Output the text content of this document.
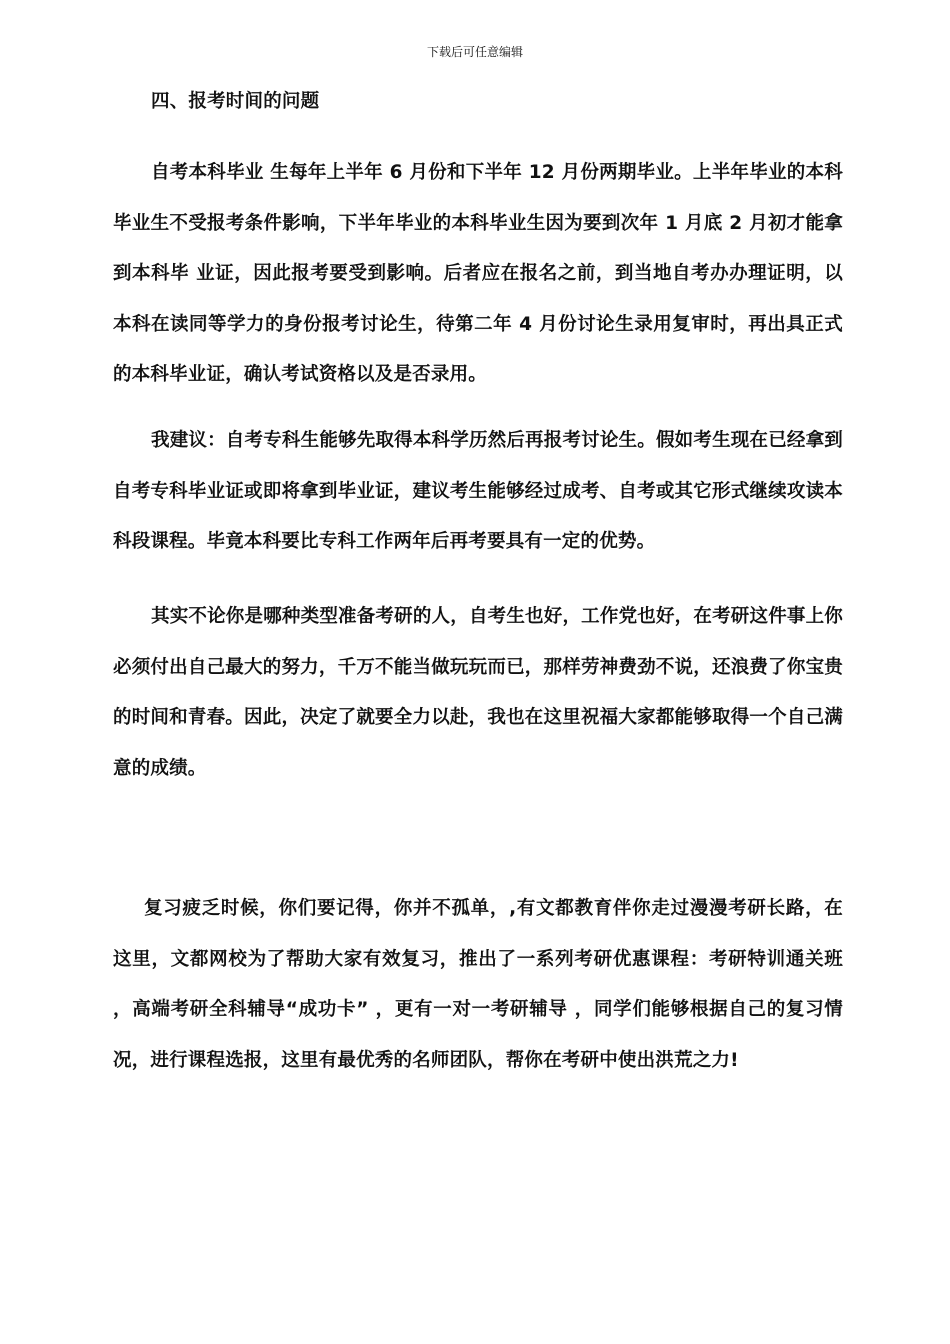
下载后可任意编辑

四、报考时间的问题

自考本科毕业 生每年上半年 6 月份和下半年 12 月份两期毕业。上半年毕业的本科毕业生不受报考条件影响，下半年毕业的本科毕业生因为要到次年 1 月底 2 月初才能拿到本科毕 业证，因此报考要受到影响。后者应在报名之前，到当地自考办办理证明，以本科在读同等学力的身份报考讨论生，待第二年 4 月份讨论生录用复审时，再出具正式 的本科毕业证，确认考试资格以及是否录用。

我建议：自考专科生能够先取得本科学历然后再报考讨论生。假如考生现在已经拿到自考专科毕业证或即将拿到毕业证，建议考生能够经过成考、自考或其它形式继续攻读本科段课程。毕竟本科要比专科工作两年后再考要具有一定的优势。

其实不论你是哪种类型准备考研的人，自考生也好，工作党也好，在考研这件事上你必须付出自己最大的努力，千万不能当做玩玩而已，那样劳神费劲不说，还浪费了你宝贵的时间和青春。因此，决定了就要全力以赴，我也在这里祝福大家都能够取得一个自己满意的成绩。

复习疲乏时候，你们要记得，你并不孤单，,有文都教育伴你走过漫漫考研长路，在这里，文都网校为了帮助大家有效复习，推出了一系列考研优惠课程：考研特训通关班 ，高端考研全科辅导“成功卡” ，更有一对一考研辅导 ，同学们能够根据自己的复习情况，进行课程选报，这里有最优秀的名师团队，帮你在考研中使出洪荒之力!
